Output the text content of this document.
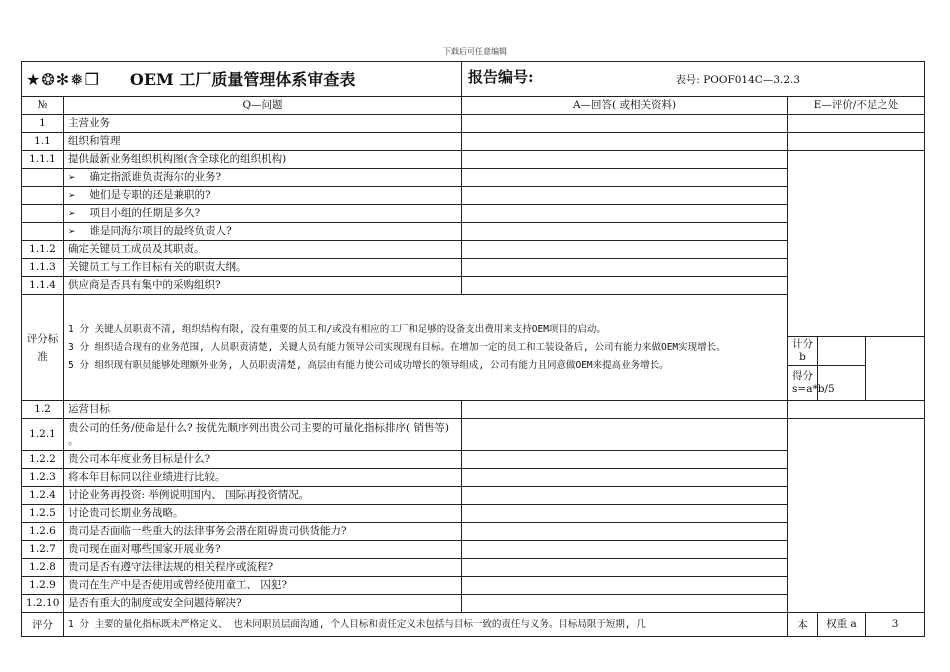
下载后可任意编辑
★❂✻❅❒ OEM 工厂质量管理体系审查表		报告编号: 表号: POOF014C—3.2.3				

№	Q—问题	A—回答( 或相关资料)	E—评价/不足之处			
1	主营业务					
1.1	组织和管理					
1.1.1	提供最新业务组织机构图(含全球化的组织机构)					
	➢ 确定指派谁负责海尔的业务?	
	➢ 她们是专职的还是兼职的?	
	➢ 项目小组的任期是多久?	
	➢ 谁是同海尔项目的最终负责人?	
1.1.2	确定关键员工成员及其职责。					
1.1.3	关键员工与工作目标有关的职责大纲。					
1.1.4	供应商是否具有集中的采购组织?					
评分标准	1 分 关键人员职责不清, 组织结构有限, 没有重要的员工和/或没有相应的工厂和足够的设备支出费用来支持OEM项目的启动。
3 分 组织适合现有的业务范围, 人员职责清楚, 关键人员有能力领导公司实现现有目标。在增加一定的员工和工装设备后, 公司有能力来做OEM实现增长。
5 分 组织现有职员能够处理额外业务, 人员职责清楚, 高层由有能力使公司成功增长的领导组成, 公司有能力且同意做OEM来提高业务增长。

			计分 b			
			得分 s=a*b/5			
1.2	运营目标					
1.2.1	贵公司的任务/使命是什么? 按优先顺序列出贵公司主要的可量化指标排序( 销售等) 。					
1.2.2	贵公司本年度业务目标是什么?					
1.2.3	将本年目标同以往业绩进行比较。					
1.2.4	讨论业务再投资: 举例说明国内、 国际再投资情况。					
1.2.5	讨论贵司长期业务战略。					
1.2.6	贵司是否面临一些重大的法律事务会潜在阻碍贵司供货能力?					
1.2.7	贵司现在面对哪些国家开展业务?					
1.2.8	贵司是否有遵守法律法规的相关程序或流程?					
1.2.9	贵司在生产中是否使用或曾经使用童工、 囚犯?					
1.2.10	是否有重大的制度或安全问题待解决?					
评分	1 分 主要的量化指标既未严格定义、 也未同职员层面沟通, 个人目标和责任定义未包括与目标一致的责任与义务。目标局限于短期, 几		本	权重 a	3	
